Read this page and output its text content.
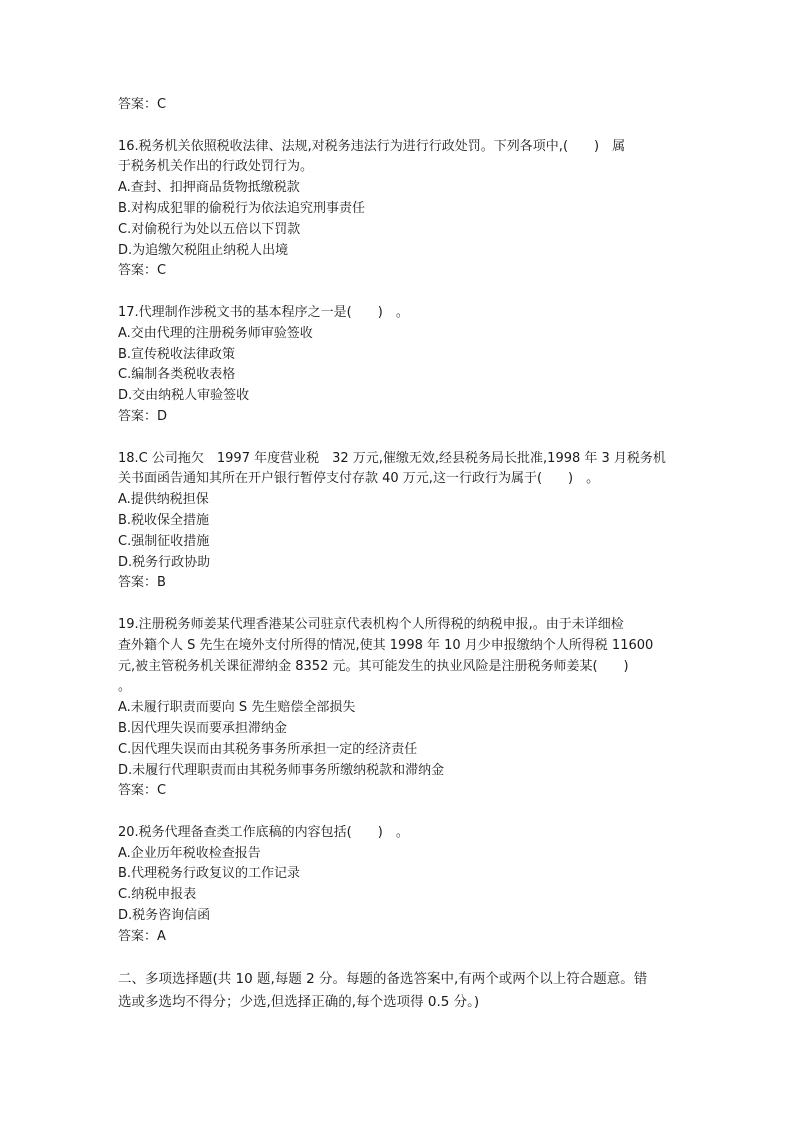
答案：C
16.税务机关依照税收法律、法规,对税务违法行为进行行政处罚。下列各项中,(　　)　属
于税务机关作出的行政处罚行为。
A.查封、扣押商品货物抵缴税款
B.对构成犯罪的偷税行为依法追究刑事责任
C.对偷税行为处以五倍以下罚款
D.为追缴欠税阻止纳税人出境
答案：C
17.代理制作涉税文书的基本程序之一是(　　)　。
A.交由代理的注册税务师审验签收
B.宣传税收法律政策
C.编制各类税收表格
D.交由纳税人审验签收
答案：D
18.C 公司拖欠　1997 年度营业税　32 万元,催缴无效,经县税务局长批准,1998 年 3 月税务机
关书面函告通知其所在开户银行暂停支付存款 40 万元,这一行政行为属于(　　)　。
A.提供纳税担保
B.税收保全措施
C.强制征收措施
D.税务行政协助
答案：B
19.注册税务师姜某代理香港某公司驻京代表机构个人所得税的纳税申报,。由于未详细检
查外籍个人 S 先生在境外支付所得的情况,使其 1998 年 10 月少申报缴纳个人所得税 11600
元,被主管税务机关课征滞纳金 8352 元。其可能发生的执业风险是注册税务师姜某(　　)
。
A.未履行职责而要向 S 先生赔偿全部损失
B.因代理失误而要承担滞纳金
C.因代理失误而由其税务事务所承担一定的经济责任
D.未履行代理职责而由其税务师事务所缴纳税款和滞纳金
答案：C
20.税务代理备查类工作底稿的内容包括(　　)　。
A.企业历年税收检查报告
B.代理税务行政复议的工作记录
C.纳税申报表
D.税务咨询信函
答案：A
二、多项选择题(共 10 题,每题 2 分。每题的备选答案中,有两个或两个以上符合题意。错
选或多选均不得分；少选,但选择正确的,每个选项得 0.5 分。)
